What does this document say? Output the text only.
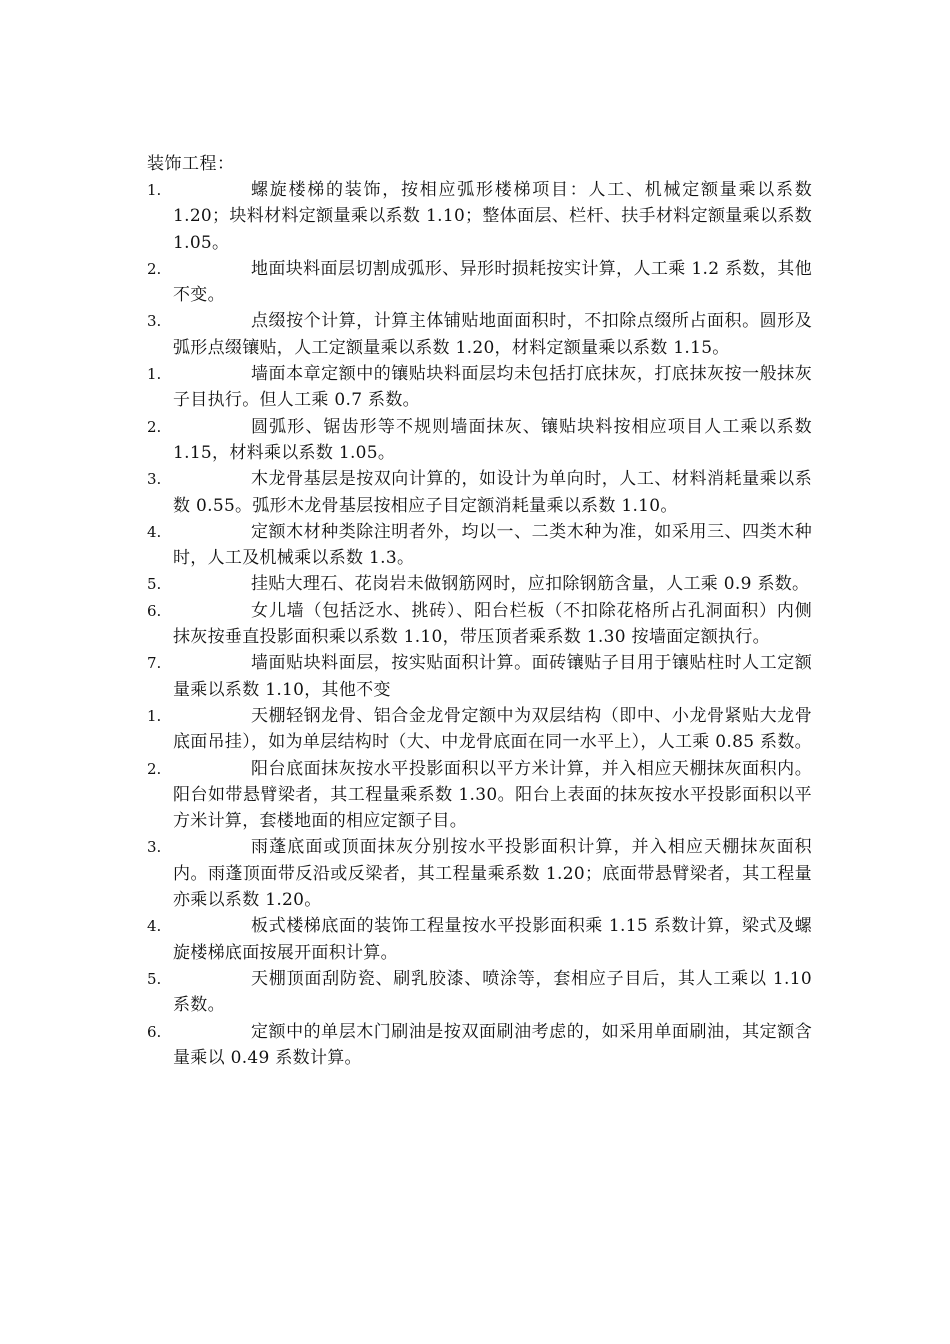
装饰工程：
1.	螺旋楼梯的装饰，按相应弧形楼梯项目：人工、机械定额量乘以系数 1.20；块料材料定额量乘以系数 1.10；整体面层、栏杆、扶手材料定额量乘以系数 1.05。
2.	地面块料面层切割成弧形、异形时损耗按实计算，人工乘 1.2 系数，其他不变。
3.	点缀按个计算，计算主体铺贴地面面积时，不扣除点缀所占面积。圆形及弧形点缀镶贴，人工定额量乘以系数 1.20，材料定额量乘以系数 1.15。
1.	墙面本章定额中的镶贴块料面层均未包括打底抹灰，打底抹灰按一般抹灰子目执行。但人工乘 0.7 系数。
2.	圆弧形、锯齿形等不规则墙面抹灰、镶贴块料按相应项目人工乘以系数 1.15，材料乘以系数 1.05。
3.	木龙骨基层是按双向计算的，如设计为单向时，人工、材料消耗量乘以系数 0.55。弧形木龙骨基层按相应子目定额消耗量乘以系数 1.10。
4.	定额木材种类除注明者外，均以一、二类木种为准，如采用三、四类木种时，人工及机械乘以系数 1.3。
5.	挂贴大理石、花岗岩未做钢筋网时，应扣除钢筋含量，人工乘 0.9 系数。
6.	女儿墙（包括泛水、挑砖）、阳台栏板（不扣除花格所占孔洞面积）内侧抹灰按垂直投影面积乘以系数 1.10，带压顶者乘系数 1.30 按墙面定额执行。
7.	墙面贴块料面层，按实贴面积计算。面砖镶贴子目用于镶贴柱时人工定额量乘以系数 1.10，其他不变
1.	天棚轻钢龙骨、铝合金龙骨定额中为双层结构（即中、小龙骨紧贴大龙骨底面吊挂），如为单层结构时（大、中龙骨底面在同一水平上），人工乘 0.85 系数。
2.	阳台底面抹灰按水平投影面积以平方米计算，并入相应天棚抹灰面积内。阳台如带悬臂梁者，其工程量乘系数 1.30。阳台上表面的抹灰按水平投影面积以平方米计算，套楼地面的相应定额子目。
3.	雨蓬底面或顶面抹灰分别按水平投影面积计算，并入相应天棚抹灰面积内。雨蓬顶面带反沿或反梁者，其工程量乘系数 1.20；底面带悬臂梁者，其工程量亦乘以系数 1.20。
4.	板式楼梯底面的装饰工程量按水平投影面积乘 1.15 系数计算，梁式及螺旋楼梯底面按展开面积计算。
5.	天棚顶面刮防瓷、刷乳胶漆、喷涂等，套相应子目后，其人工乘以 1.10 系数。
6.	定额中的单层木门刷油是按双面刷油考虑的，如采用单面刷油，其定额含量乘以 0.49 系数计算。
